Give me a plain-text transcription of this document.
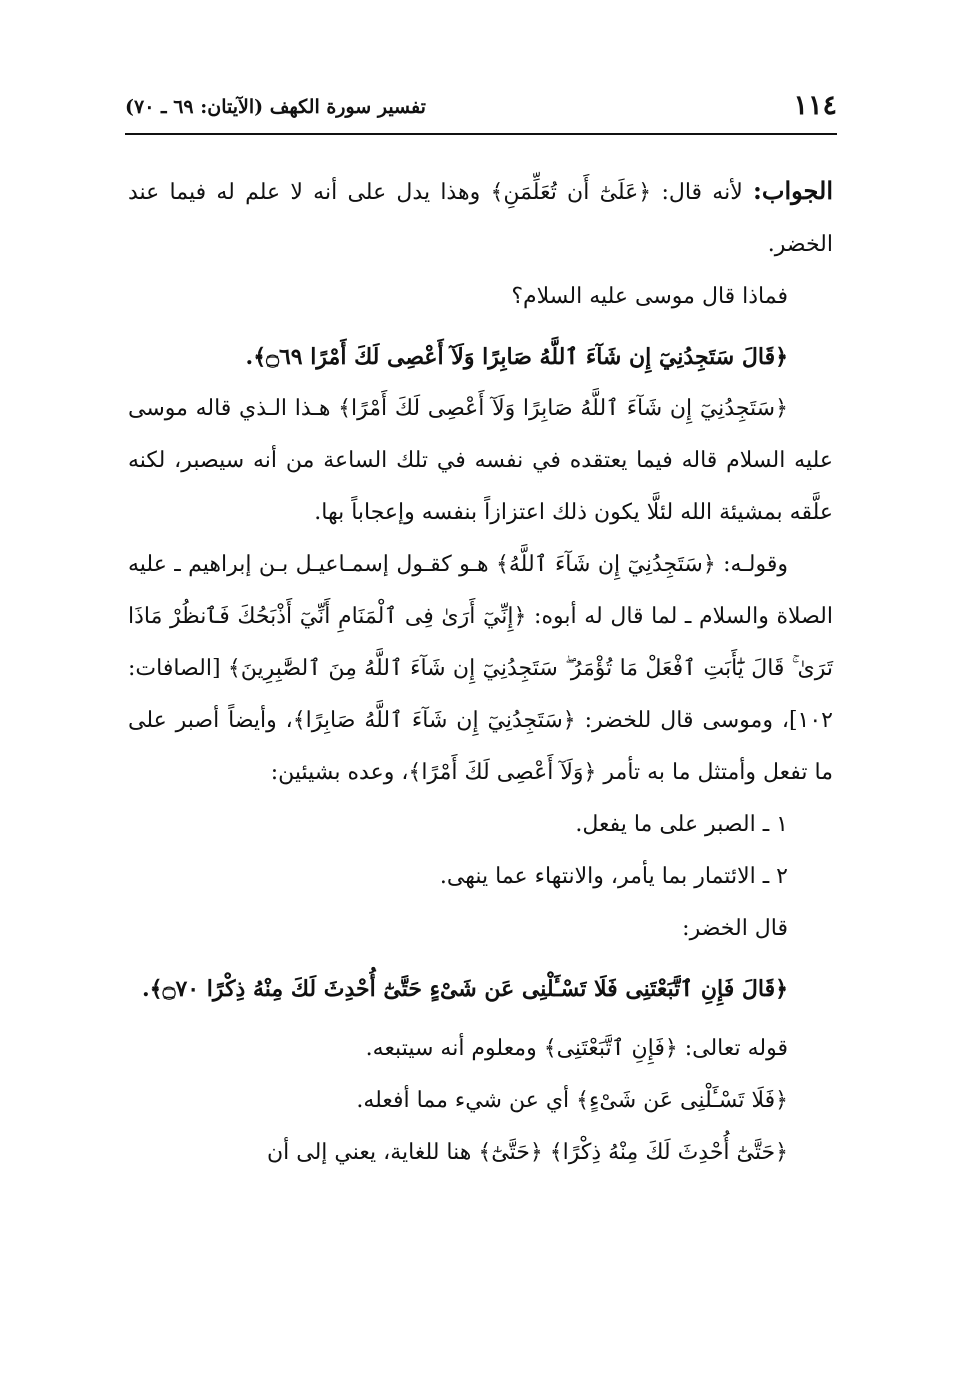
١١٤
تفسير سورة الكهف (الآيتان: ٦٩ ـ ٧٠)

الجواب: لأنه قال: ﴿عَلَىٰٓ أَن تُعَلِّمَنِ﴾ وهذا يدل على أنه لا علم له فيما عند الخضر.

فماذا قال موسى عليه السلام؟

﴿قَالَ سَتَجِدُنِيٓ إِن شَآءَ ٱللَّهُ صَابِرًا وَلَآ أَعْصِى لَكَ أَمْرًا ۝٦٩﴾.

﴿سَتَجِدُنِيٓ إِن شَآءَ ٱللَّهُ صَابِرًا وَلَآ أَعْصِى لَكَ أَمْرًا﴾ هـذا الـذي قاله موسى عليه السلام قاله فيما يعتقده في نفسه في تلك الساعة من أنه سيصبر، لكنه علَّقه بمشيئة الله لئلَّا يكون ذلك اعتزازاً بنفسه وإعجاباً بها.

وقولـه: ﴿سَتَجِدُنِيٓ إِن شَآءَ ٱللَّهُ﴾ هـو كقـول إسمـاعيـل بـن إبراهيم ـ عليه الصلاة والسلام ـ لما قال له أبوه: ﴿إِنِّيٓ أَرَىٰ فِى ٱلْمَنَامِ أَنِّيٓ أَذْبَحُكَ فَٱنظُرْ مَاذَا تَرَىٰ ۚ قَالَ يَٰٓأَبَتِ ٱفْعَلْ مَا تُؤْمَرُ ۖ سَتَجِدُنِيٓ إِن شَآءَ ٱللَّهُ مِنَ ٱلصَّٰبِرِينَ﴾ [الصافات: ١٠٢]، وموسى قال للخضر: ﴿سَتَجِدُنِيٓ إِن شَآءَ ٱللَّهُ صَابِرًا﴾، وأيضاً أصبر على ما تفعل وأمتثل ما به تأمر ﴿وَلَآ أَعْصِى لَكَ أَمْرًا﴾، وعده بشيئين:

١ ـ الصبر على ما يفعل.

٢ ـ الائتمار بما يأمر، والانتهاء عما ينهى.

قال الخضر:

﴿قَالَ فَإِنِ ٱتَّبَعْتَنِى فَلَا تَسْـَٔلْنِى عَن شَىْءٍ حَتَّىٰٓ أُحْدِثَ لَكَ مِنْهُ ذِكْرًا ۝٧٠﴾.

قوله تعالى: ﴿فَإِنِ ٱتَّبَعْتَنِى﴾ ومعلوم أنه سيتبعه.

﴿فَلَا تَسْـَٔلْنِى عَن شَىْءٍ﴾ أي عن شيء مما أفعله.

﴿حَتَّىٰٓ أُحْدِثَ لَكَ مِنْهُ ذِكْرًا﴾ ﴿حَتَّىٰٓ﴾ هنا للغاية، يعني إلى أن
